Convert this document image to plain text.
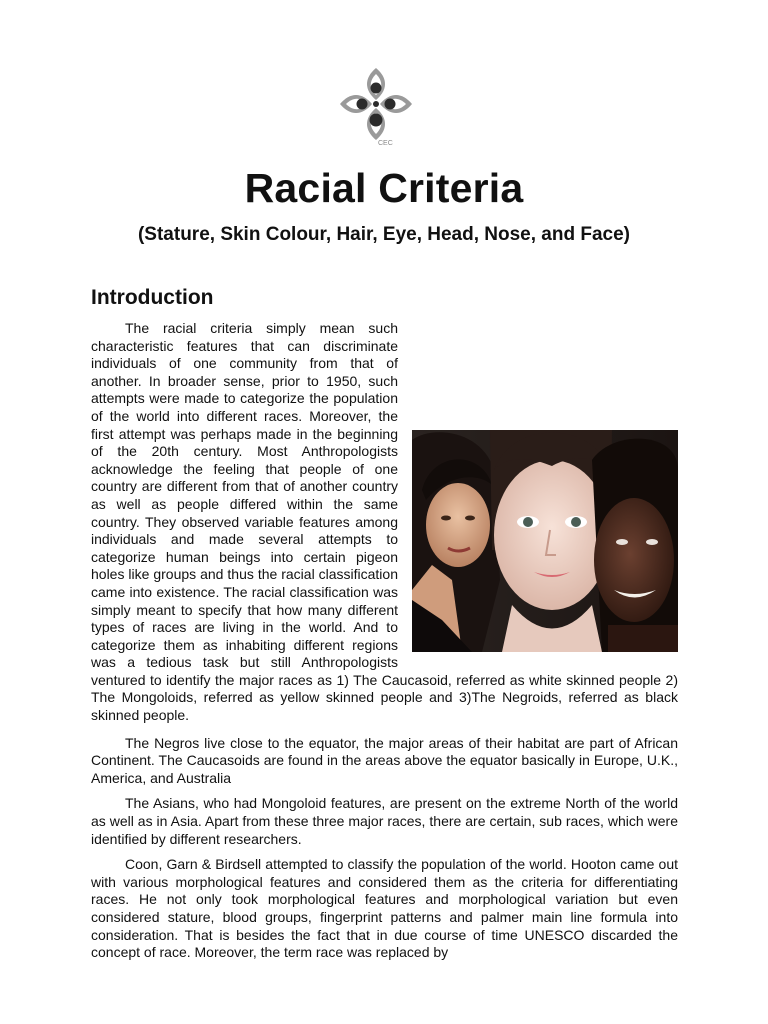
CEC
Racial Criteria
(Stature, Skin Colour, Hair, Eye, Head, Nose, and Face)
Introduction

The racial criteria simply mean such characteristic features that can discriminate individuals of one community from that of another. In broader sense, prior to 1950, such attempts were made to categorize the population of the world into different races. Moreover, the first attempt was perhaps made in the beginning of the 20th century. Most Anthropologists acknowledge the feeling that people of one country are different from that of another country as well as people differed within the same country. They observed variable features among individuals and made several attempts to categorize human beings into certain pigeon holes like groups and thus the racial classification came into existence. The racial classification was simply meant to specify that how many different types of races are living in the world. And to categorize them as inhabiting different regions was a tedious task but still Anthropologists ventured to identify the major races as 1) The Caucasoid, referred as white skinned people 2) The Mongoloids, referred as yellow skinned people and 3)The Negroids, referred as black skinned people.

The Negros live close to the equator, the major areas of their habitat are part of African Continent. The Caucasoids are found in the areas above the equator basically in Europe, U.K., America, and Australia

The Asians, who had Mongoloid features, are present on the extreme North of the world as well as in Asia. Apart from these three major races, there are certain, sub races, which were identified by different researchers.

Coon, Garn & Birdsell attempted to classify the population of the world. Hooton came out with various morphological features and considered them as the criteria for differentiating races. He not only took morphological features and morphological variation but even considered stature, blood groups, fingerprint patterns and palmer main line formula into consideration. That is besides the fact that in due course of time UNESCO discarded the concept of race. Moreover, the term race was replaced by
